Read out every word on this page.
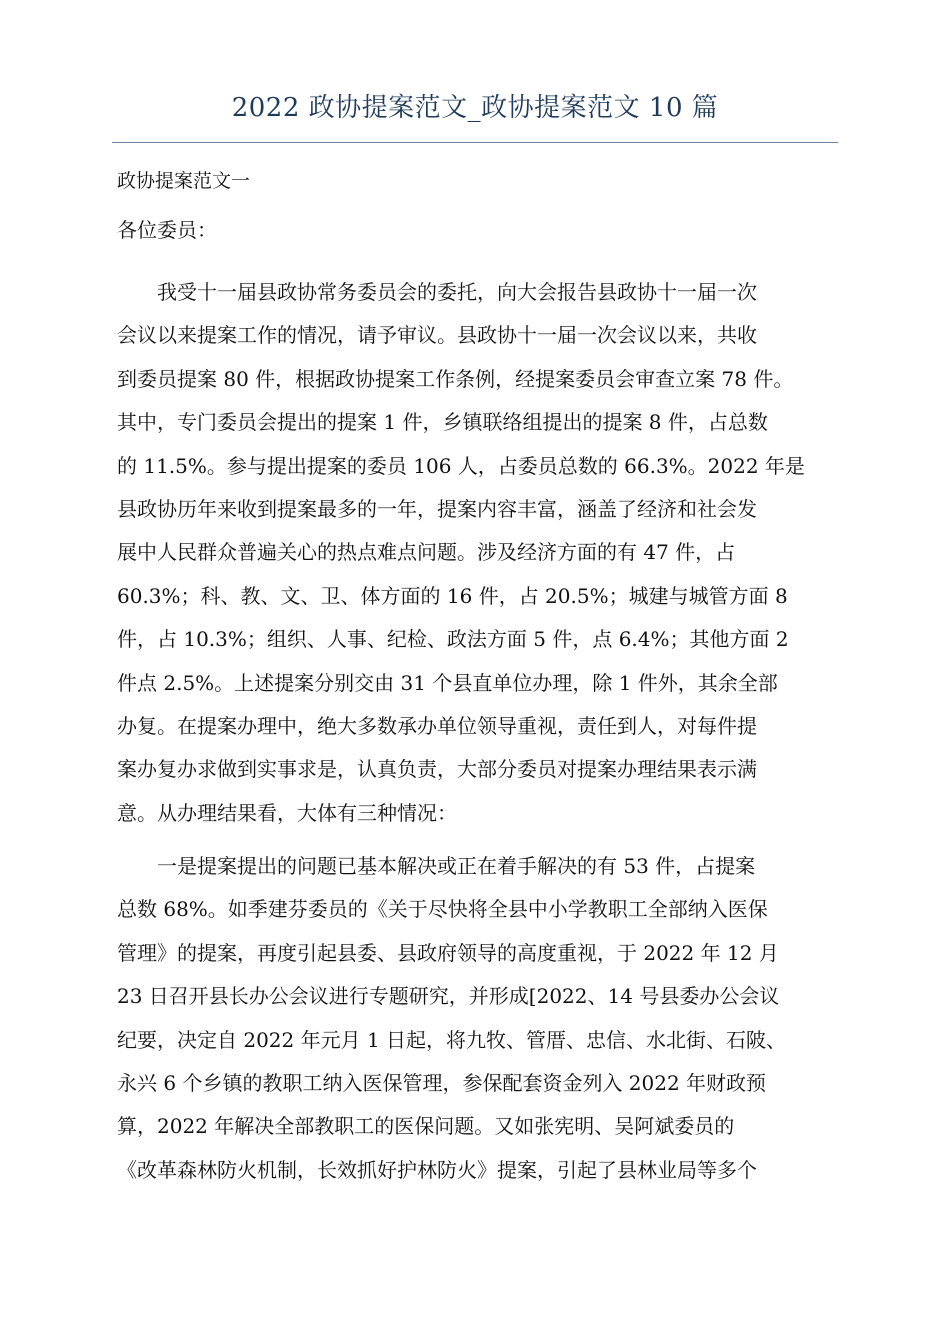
2022 政协提案范文_政协提案范文 10 篇
政协提案范文一

各位委员：

　　我受十一届县政协常务委员会的委托，向大会报告县政协十一届一次
会议以来提案工作的情况，请予审议。县政协十一届一次会议以来，共收
到委员提案 80 件，根据政协提案工作条例，经提案委员会审查立案 78 件。
其中，专门委员会提出的提案 1 件，乡镇联络组提出的提案 8 件，占总数
的 11.5%。参与提出提案的委员 106 人，占委员总数的 66.3%。2022 年是
县政协历年来收到提案最多的一年，提案内容丰富，涵盖了经济和社会发
展中人民群众普遍关心的热点难点问题。涉及经济方面的有 47 件，占
60.3%；科、教、文、卫、体方面的 16 件，占 20.5%；城建与城管方面 8
件，占 10.3%；组织、人事、纪检、政法方面 5 件，点 6.4%；其他方面 2
件点 2.5%。上述提案分别交由 31 个县直单位办理，除 1 件外，其余全部
办复。在提案办理中，绝大多数承办单位领导重视，责任到人，对每件提
案办复办求做到实事求是，认真负责，大部分委员对提案办理结果表示满
意。从办理结果看，大体有三种情况：
　　一是提案提出的问题已基本解决或正在着手解决的有 53 件，占提案
总数 68%。如季建芬委员的《关于尽快将全县中小学教职工全部纳入医保
管理》的提案，再度引起县委、县政府领导的高度重视，于 2022 年 12 月
23 日召开县长办公会议进行专题研究，并形成[2022、14 号县委办公会议
纪要，决定自 2022 年元月 1 日起，将九牧、管厝、忠信、水北街、石陂、
永兴 6 个乡镇的教职工纳入医保管理，参保配套资金列入 2022 年财政预
算，2022 年解决全部教职工的医保问题。又如张宪明、吴阿斌委员的
《改革森林防火机制，长效抓好护林防火》提案，引起了县林业局等多个
